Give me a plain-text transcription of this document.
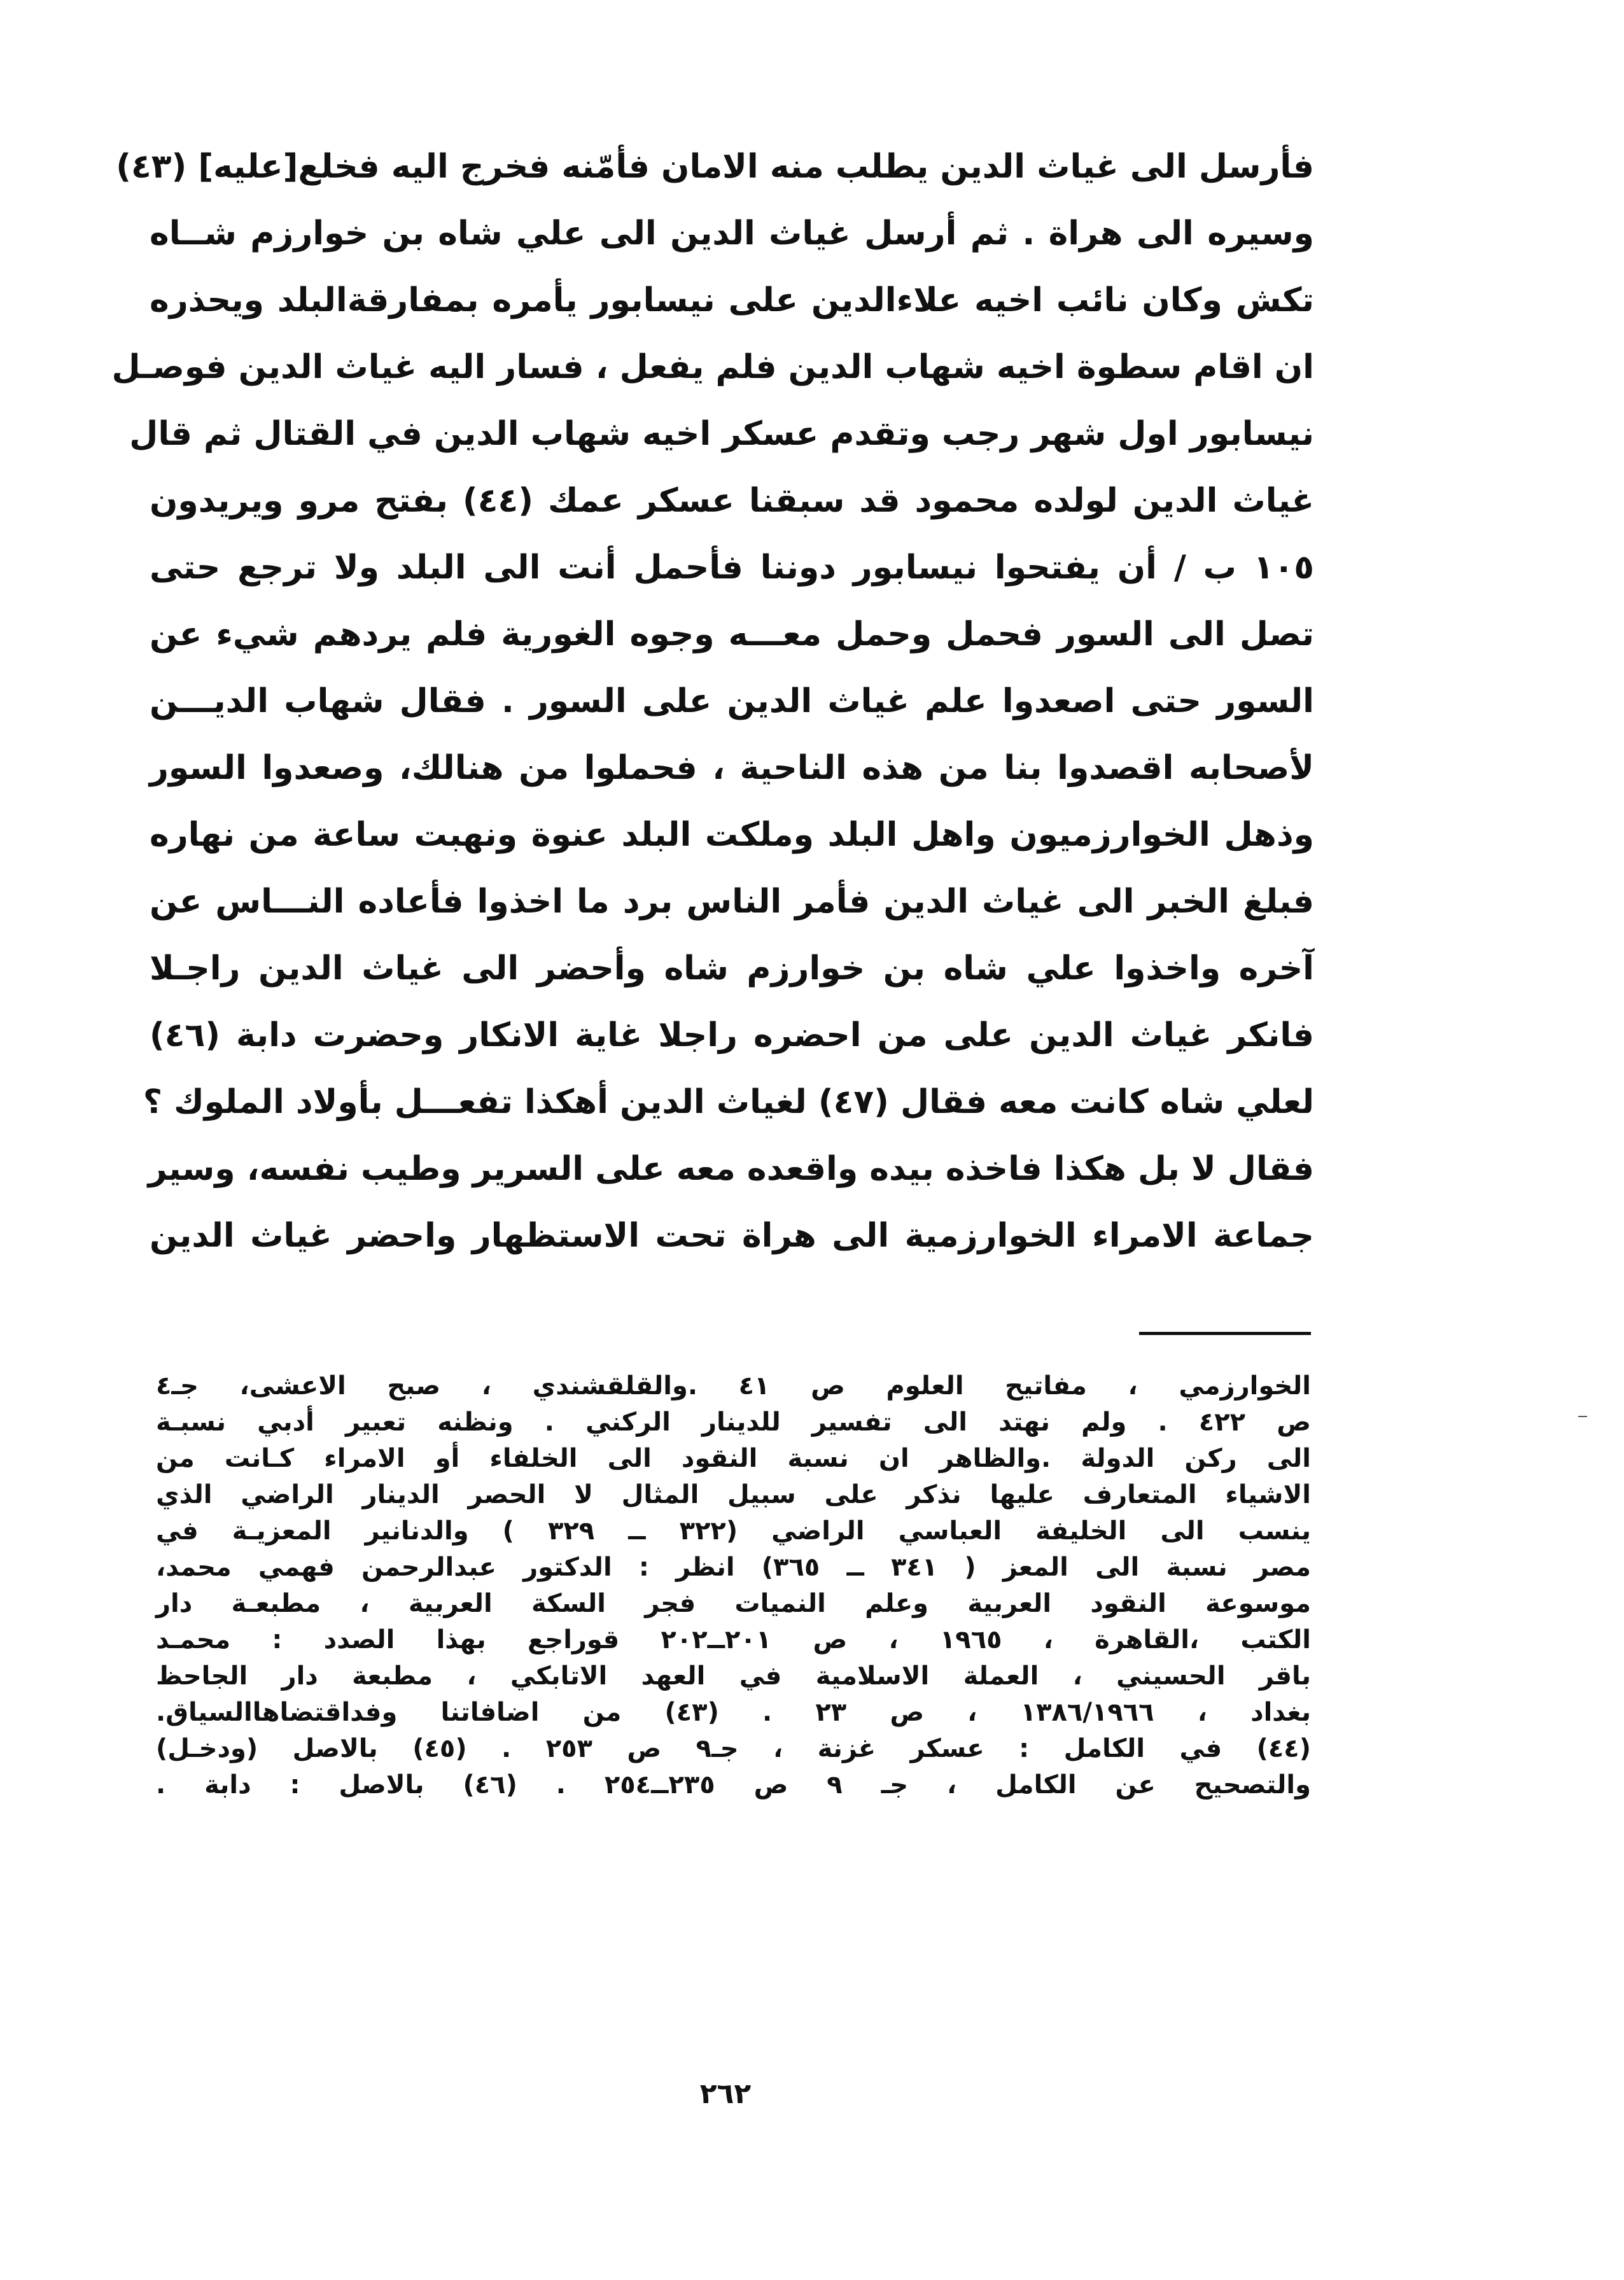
فأرسل الى غياث الدين يطلب منه الامان فأمّنه فخرج اليه فخلع[عليه] (٤٣)
وسيره الى هراة . ثم أرسل غياث الدين الى علي شاه بن خوارزم شــاه
تكش وكان نائب اخيه علاءالدين على نيسابور يأمره بمفارقةالبلد ويحذره
ان اقام سطوة اخيه شهاب الدين فلم يفعل ، فسار اليه غياث الدين فوصـل
نيسابور اول شهر رجب وتقدم عسكر اخيه شهاب الدين في القتال ثم قال
غياث الدين لولده محمود قد سبقنا عسكر عمك (٤٤) بفتح مرو ويريدون
١٠٥ ب / أن يفتحوا نيسابور دوننا فأحمل أنت الى البلد ولا ترجع حتى
تصل الى السور فحمل وحمل معـــه وجوه الغورية فلم يردهم شيء عن
السور حتى اصعدوا علم غياث الدين على السور . فقال شهاب الديـــن
لأصحابه اقصدوا بنا من هذه الناحية ، فحملوا من هنالك، وصعدوا السور
وذهل الخوارزميون واهل البلد وملكت البلد عنوة ونهبت ساعة من نهاره
فبلغ الخبر الى غياث الدين فأمر الناس برد ما اخذوا فأعاده النـــاس عن
آخره واخذوا علي شاه بن خوارزم شاه وأحضر الى غياث الدين راجـلا
فانكر غياث الدين على من احضره راجلا غاية الانكار وحضرت دابة (٤٦)
لعلي شاه كانت معه فقال (٤٧) لغياث الدين أهكذا تفعـــل بأولاد الملوك ؟
فقال لا بل هكذا فاخذه بيده واقعده معه على السرير وطيب نفسه، وسير
جماعة الامراء الخوارزمية الى هراة تحت الاستظهار واحضر غياث الدين
الخوارزمي ، مفاتيح العلوم ص ٤١ .والقلقشندي ، صبح الاعشى، جـ٤
ص ٤٢٢ . ولم نهتد الى تفسير للدينار الركني . ونظنه تعبير أدبي نسبـة
الى ركن الدولة .والظاهر ان نسبة النقود الى الخلفاء أو الامراء كـانت من
الاشياء المتعارف عليها نذكر على سبيل المثال لا الحصر الدينار الراضي الذي
ينسب الى الخليفة العباسي الراضي (٣٢٢ ــ ٣٢٩ ) والدنانير المعزيـة في
مصر نسبة الى المعز ( ٣٤١ ــ ٣٦٥) انظر : الدكتور عبدالرحمن فهمي محمد،
موسوعة النقود العربية وعلم النميات فجر السكة العربية ، مطبعـة دار
الكتب ،القاهرة ، ١٩٦٥ ، ص ٢٠١ــ٢٠٢ قوراجع بهذا الصدد : محمـد
باقر الحسيني ، العملة الاسلامية في العهد الاتابكي ، مطبعة دار الجاحظ
بغداد ، ١٣٨٦/١٩٦٦ ، ص ٢٣ . (٤٣) من اضافاتنا وفداقتضاهاالسياق.
(٤٤) في الكامل : عسكر غزنة ، جـ٩ ص ٢٥٣ . (٤٥) بالاصل (ودخـل)
والتصحيح عن الكامل ، جـ ٩ ص ٢٣٥ــ٢٥٤ . (٤٦) بالاصل : دابة .
٢٦٢
